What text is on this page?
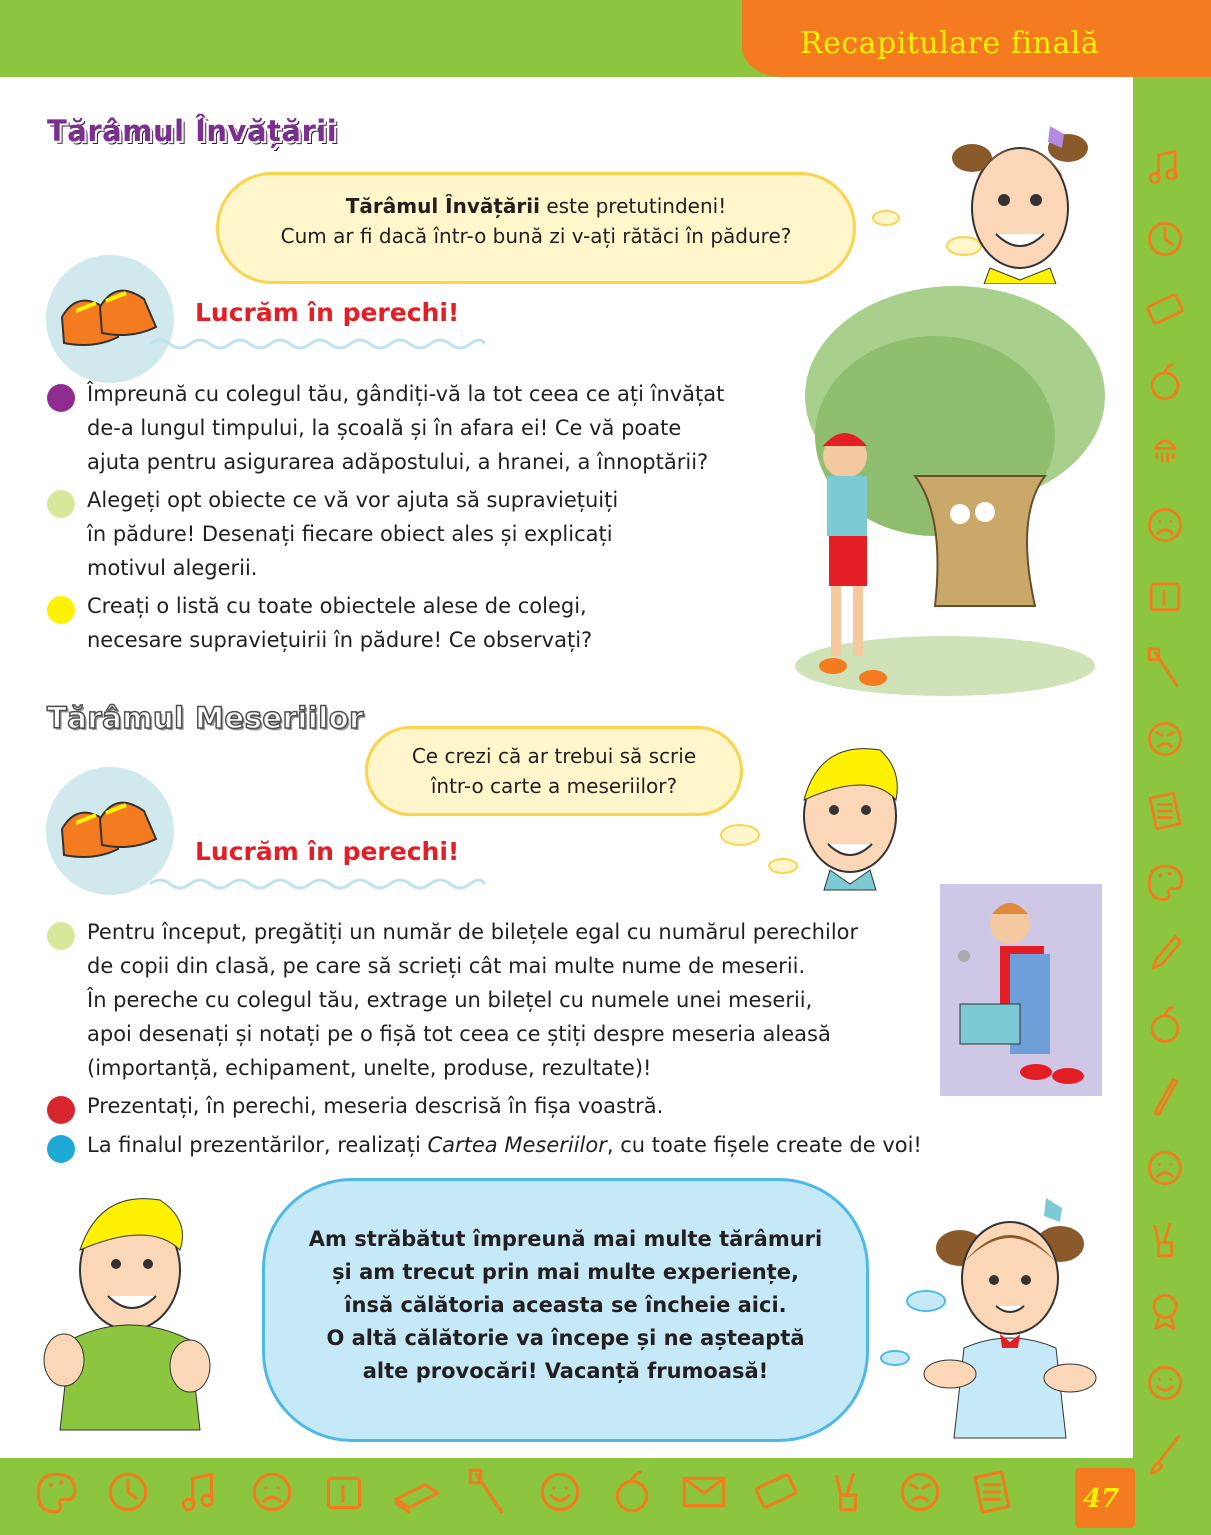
Recapitulare finală
47
Tărâmul Învățării
Tărâmul Învățării este pretutindeni!
Cum ar fi dacă într-o bună zi v-ați rătăci în pădure?
Lucrăm în perechi!
Împreună cu colegul tău, gândiți-vă la tot ceea ce ați învățat
de-a lungul timpului, la școală și în afara ei! Ce vă poate
ajuta pentru asigurarea adăpostului, a hranei, a înnoptării?
Alegeți opt obiecte ce vă vor ajuta să supraviețuiți
în pădure! Desenați fiecare obiect ales și explicați
motivul alegerii.
Creați o listă cu toate obiectele alese de colegi,
necesare supraviețuirii în pădure! Ce observați?
Tărâmul Meseriilor
Ce crezi că ar trebui să scrie
într-o carte a meseriilor?
Lucrăm în perechi!
Pentru început, pregătiți un număr de bilețele egal cu numărul perechilor
de copii din clasă, pe care să scrieți cât mai multe nume de meserii.
În pereche cu colegul tău, extrage un bilețel cu numele unei meserii,
apoi desenați și notați pe o fișă tot ceea ce știți despre meseria aleasă
(importanță, echipament, unelte, produse, rezultate)!
Prezentați, în perechi, meseria descrisă în fișa voastră.
La finalul prezentărilor, realizați Cartea Meseriilor, cu toate fișele create de voi!
Am străbătut împreună mai multe tărâmuri
și am trecut prin mai multe experiențe,
însă călătoria aceasta se încheie aici.
O altă călătorie va începe și ne așteaptă
alte provocări! Vacanță frumoasă!
